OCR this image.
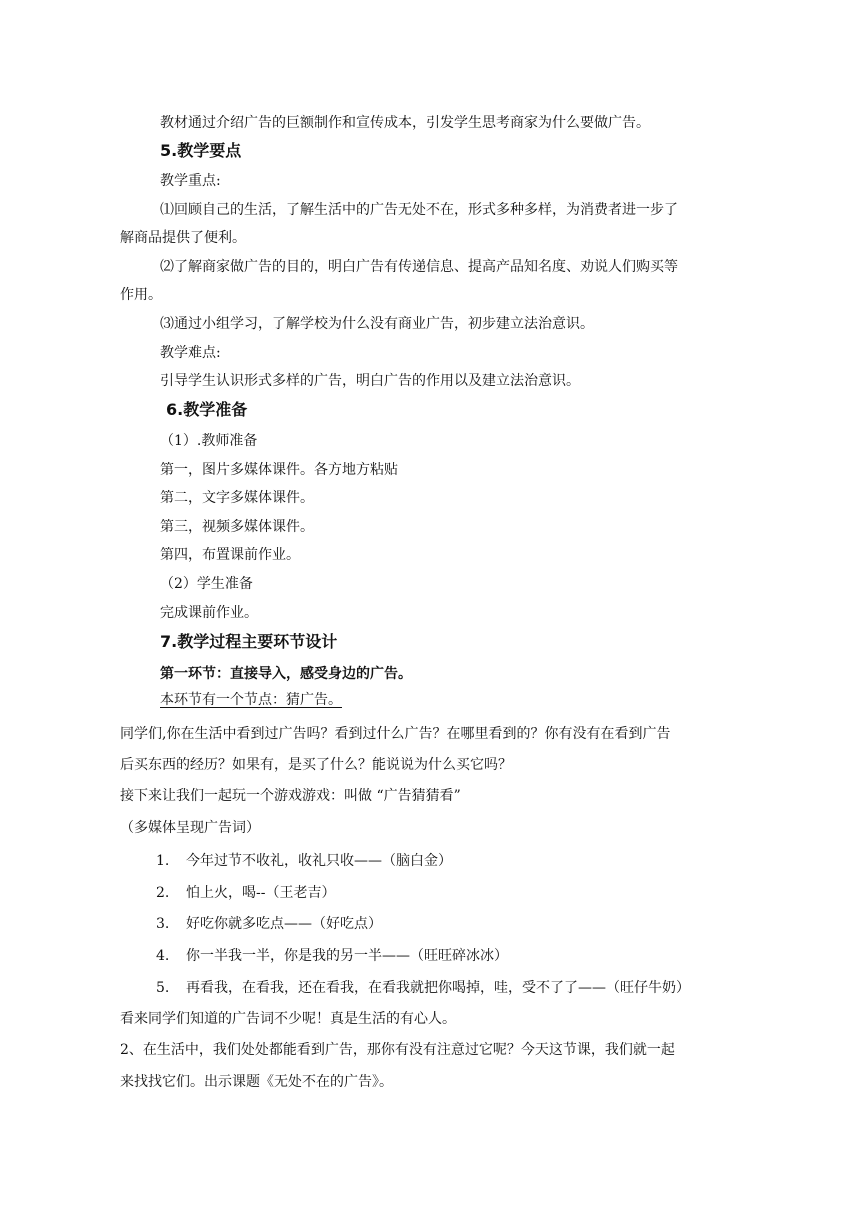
教材通过介绍广告的巨额制作和宣传成本，引发学生思考商家为什么要做广告。
5.教学要点
教学重点:
⑴回顾自己的生活，了解生活中的广告无处不在，形式多种多样，为消费者进一步了
解商品提供了便利。
⑵了解商家做广告的目的，明白广告有传递信息、提高产品知名度、劝说人们购买等
作用。
⑶通过小组学习，了解学校为什么没有商业广告，初步建立法治意识。
教学难点:
引导学生认识形式多样的广告，明白广告的作用以及建立法治意识。
6.教学准备
（1）.教师准备
第一，图片多媒体课件。各方地方粘贴
第二，文字多媒体课件。
第三，视频多媒体课件。
第四，布置课前作业。
（2）学生准备
完成课前作业。
7.教学过程主要环节设计
第一环节：直接导入，感受身边的广告。
本环节有一个节点：猜广告。
同学们,你在生活中看到过广告吗？看到过什么广告？在哪里看到的？你有没有在看到广告
后买东西的经历？如果有，是买了什么？能说说为什么买它吗？
接下来让我们一起玩一个游戏游戏：叫做 “广告猜猜看”
（多媒体呈现广告词）
1. 今年过节不收礼，收礼只收——（脑白金）
2. 怕上火，喝--（王老吉）
3. 好吃你就多吃点——（好吃点）
4. 你一半我一半，你是我的另一半——（旺旺碎冰冰）
5. 再看我，在看我，还在看我，在看我就把你喝掉，哇，受不了了——（旺仔牛奶）
看来同学们知道的广告词不少呢！真是生活的有心人。
2、在生活中，我们处处都能看到广告，那你有没有注意过它呢？今天这节课，我们就一起
来找找它们。出示课题《无处不在的广告》。
